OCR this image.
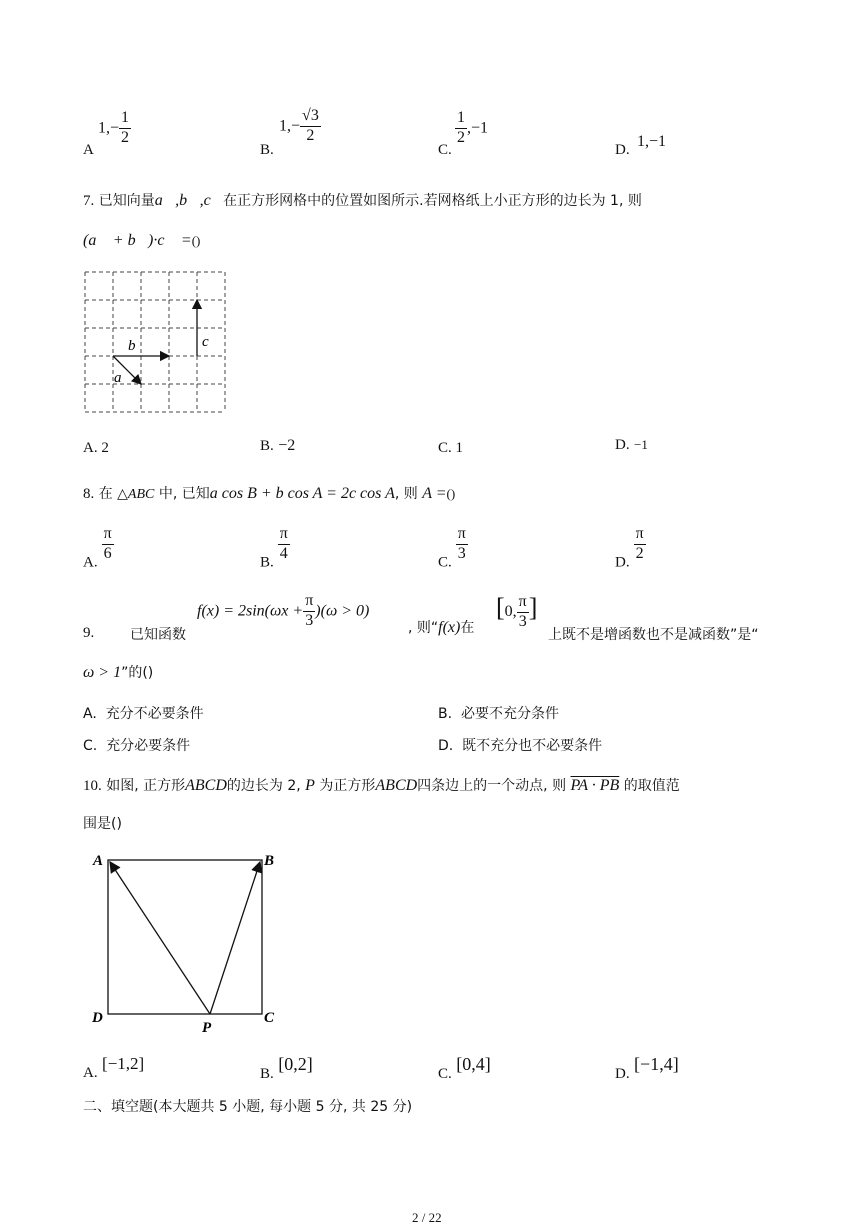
A
$1,- \frac{1}{2}$
B.
$1,- \frac{√3}{2}$
C.
$\frac{1}{2} ,-1$
D. 1,−1
7. 已知向量a⃗,b⃗,c⃗在正方形网格中的位置如图所示.若网格纸上小正方形的边长为 1, 则
(a⃗ + b⃗)·c⃗ =()
b⃗
a⃗
c⃗
A. 2	B. −2	C. 1	D. −1
8. 在 △ABC 中, 已知a cos B + b cos A = 2c cos A, 则 A =()
A. $\frac{\pi}{6}$	B. $\frac{\pi}{4}$	C. $\frac{\pi}{3}$	D. $\frac{\pi}{2}$
9.	已知函数
$f(x) = 2\sin(\omega x + \frac{\pi}{3} )(\omega > 0)$
, 则“f(x)在
[0, $\frac{\pi}{3}$ ]
上既不是增函数也不是减函数”是“
ω > 1”的()
A. 充分不必要条件	B. 必要不充分条件
C. 充分必要条件	D. 既不充分也不必要条件
10. 如图, 正方形ABCD的边长为 2, P 为正方形ABCD四条边上的一个动点, 则 PA · PB 的取值范
围是()
A	B
C
D
P
A. [−1,2]
B. [0,2]	C. [0,4]	D. [−1,4]
二、填空题(本大题共 5 小题, 每小题 5 分, 共 25 分)
2 / 22
